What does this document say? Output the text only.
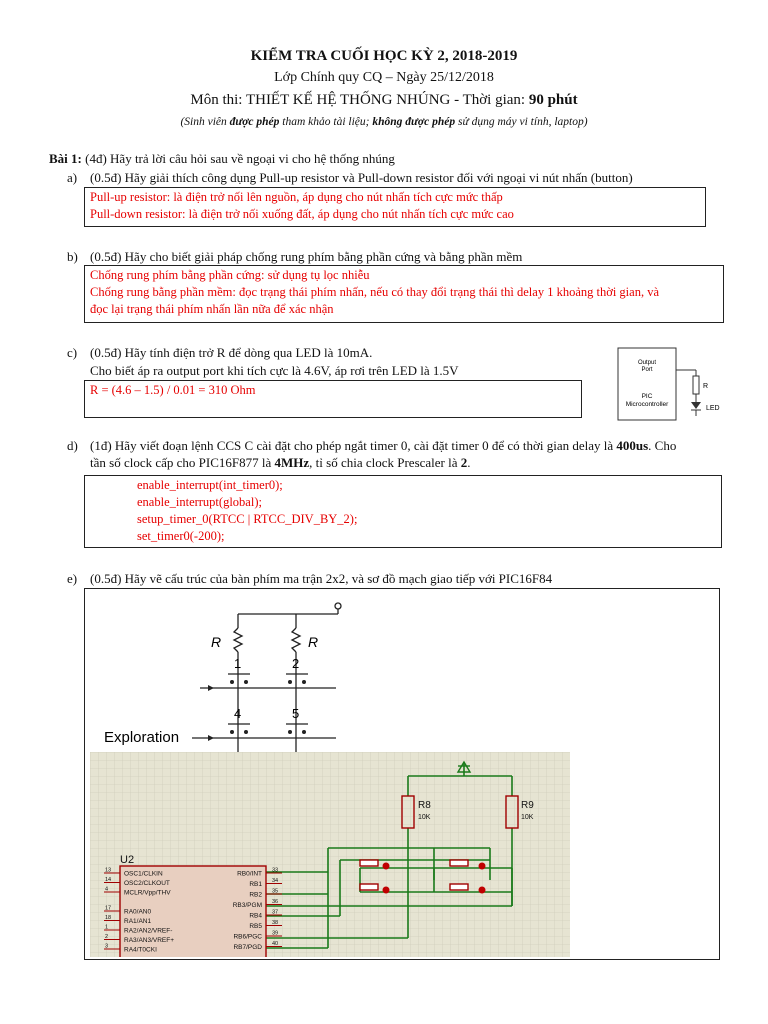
KIỂM TRA CUỐI HỌC KỲ 2, 2018-2019
Lớp Chính quy CQ – Ngày 25/12/2018
Môn thi: THIẾT KẾ HỆ THỐNG NHÚNG - Thời gian: 90 phút
(Sinh viên được phép tham khảo tài liệu; không được phép sử dụng máy vi tính, laptop)
Bài 1: (4đ) Hãy trả lời câu hỏi sau về ngoại vi cho hệ thống nhúng
a) (0.5đ) Hãy giải thích công dụng Pull-up resistor và Pull-down resistor đối với ngoại vi nút nhấn (button)
Pull-up resistor: là điện trở nối lên nguồn, áp dụng cho nút nhấn tích cực mức thấp
Pull-down resistor: là điện trở nối xuống đất, áp dụng cho nút nhấn tích cực mức cao
b) (0.5đ) Hãy cho biết giải pháp chống rung phím bằng phần cứng và bằng phần mềm
Chống rung phím bằng phần cứng: sử dụng tụ lọc nhiễu
Chống rung bằng phần mềm: đọc trạng thái phím nhấn, nếu có thay đổi trạng thái thì delay 1 khoảng thời gian, và
đọc lại trạng thái phím nhấn lần nữa để xác nhận
c) (0.5đ) Hãy tính điện trở R để dòng qua LED là 10mA.
Cho biết áp ra output port khi tích cực là 4.6V, áp rơi trên LED là 1.5V
R = (4.6 – 1.5) / 0.01 = 310 Ohm
Output
Port
PIC
Microcontroller
R
LED
d) (1đ) Hãy viết đoạn lệnh CCS C cài đặt cho phép ngắt timer 0, cài đặt timer 0 để có thời gian delay là 400us. Cho
tần số clock cấp cho PIC16F877 là 4MHz, tỉ số chia clock Prescaler là 2.
enable_interrupt(int_timer0);
enable_interrupt(global);
setup_timer_0(RTCC | RTCC_DIV_BY_2);
set_timer0(-200);
e) (0.5đ) Hãy vẽ cấu trúc của bàn phím ma trận 2x2, và sơ đồ mạch giao tiếp với PIC16F84
R	R
1	2
4	5
Exploration
R8
10K
R9
10K
U2
13 OSC1/CLKIN
14 OSC2/CLKOUT
4 MCLR/Vpp/THV
17 RA0/AN0
18 RA1/AN1
1 RA2/AN2/VREF-
2 RA3/AN3/VREF+
3 RA4/T0CKI
33
RB0/INT
34
RB1
35
RB2
36
RB3/PGM
37
RB4
38
RB5
39
RB6/PGC
40
RB7/PGD
